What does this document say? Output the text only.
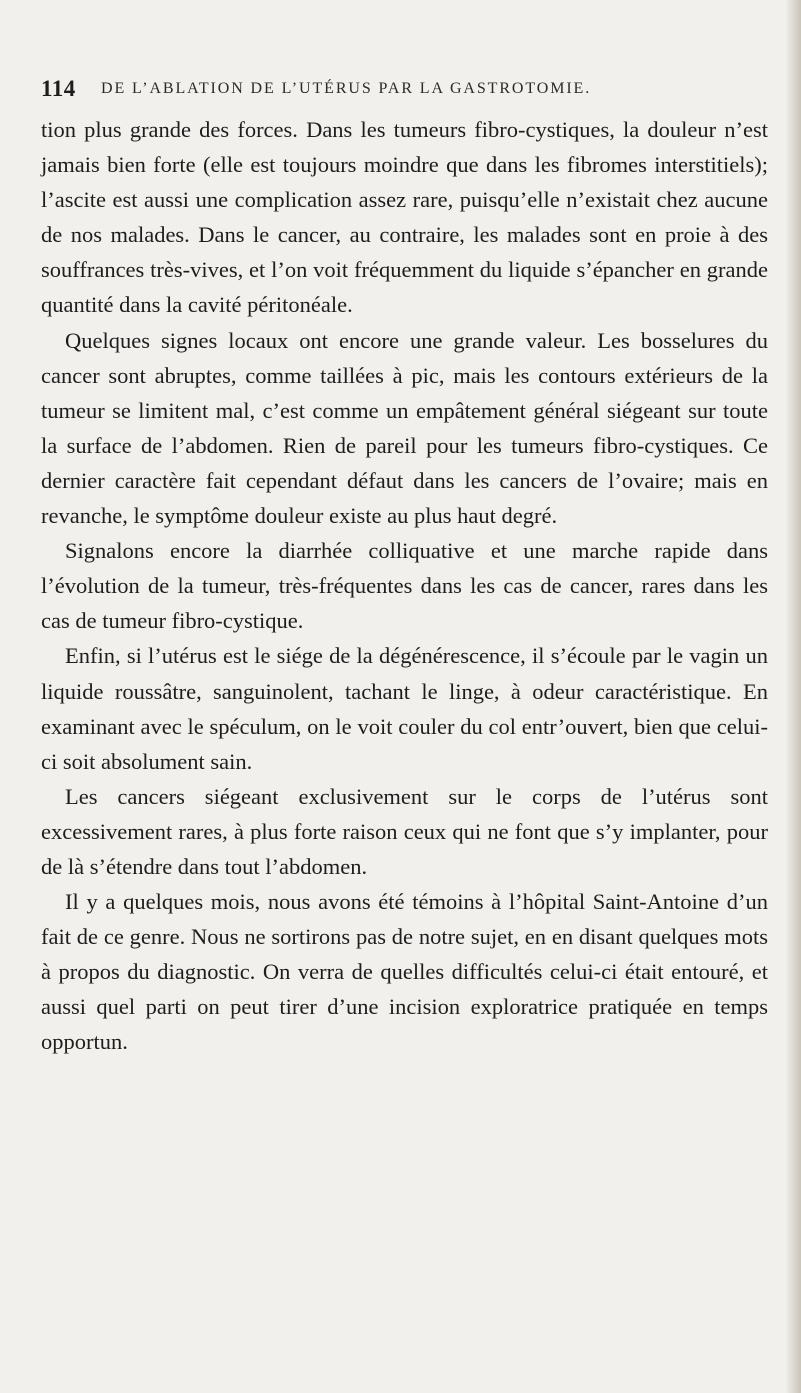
114 DE L’ABLATION DE L’UTÉRUS PAR LA GASTROTOMIE.

tion plus grande des forces. Dans les tumeurs fibro-cystiques, la douleur n’est jamais bien forte (elle est toujours moindre que dans les fibromes interstitiels); l’ascite est aussi une complication assez rare, puisqu’elle n’existait chez aucune de nos malades. Dans le cancer, au contraire, les malades sont en proie à des souffrances très-vives, et l’on voit fréquemment du liquide s’épancher en grande quantité dans la cavité péritonéale.

Quelques signes locaux ont encore une grande valeur. Les bosselures du cancer sont abruptes, comme taillées à pic, mais les contours extérieurs de la tumeur se limitent mal, c’est comme un empâtement général siégeant sur toute la surface de l’abdomen. Rien de pareil pour les tumeurs fibro-cystiques. Ce dernier caractère fait cependant défaut dans les cancers de l’ovaire; mais en revanche, le symptôme douleur existe au plus haut degré.

Signalons encore la diarrhée colliquative et une marche rapide dans l’évolution de la tumeur, très-fréquentes dans les cas de cancer, rares dans les cas de tumeur fibro-cystique.

Enfin, si l’utérus est le siége de la dégénérescence, il s’écoule par le vagin un liquide roussâtre, sanguinolent, tachant le linge, à odeur caractéristique. En examinant avec le spéculum, on le voit couler du col entr’ouvert, bien que celui-ci soit absolument sain.

Les cancers siégeant exclusivement sur le corps de l’utérus sont excessivement rares, à plus forte raison ceux qui ne font que s’y implanter, pour de là s’étendre dans tout l’abdomen.

Il y a quelques mois, nous avons été témoins à l’hôpital Saint-Antoine d’un fait de ce genre. Nous ne sortirons pas de notre sujet, en en disant quelques mots à propos du diagnostic. On verra de quelles difficultés celui-ci était entouré, et aussi quel parti on peut tirer d’une incision exploratrice pratiquée en temps opportun.
